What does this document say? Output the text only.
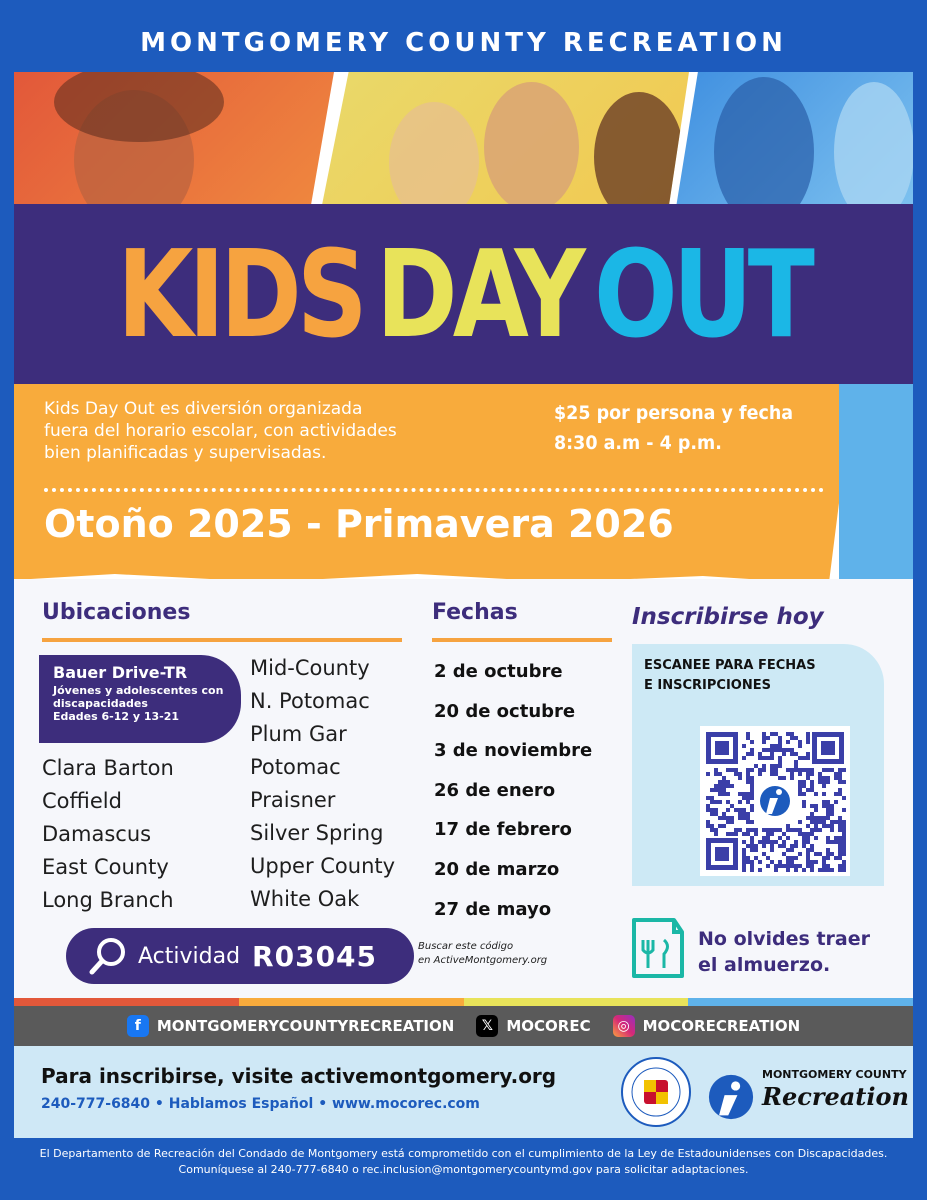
MONTGOMERY COUNTY RECREATION
KIDS DAY OUT
Kids Day Out es diversión organizada
fuera del horario escolar, con actividades
bien planificadas y supervisadas.
$25 por persona y fecha
8:30 a.m - 4 p.m.
Otoño 2025 - Primavera 2026
Ubicaciones	Fechas
Bauer Drive-TR
Jóvenes y adolescentes con
discapacidades
Edades 6-12 y 13-21
Clara Barton
Coffield
Damascus
East County
Long Branch
Mid-County
N. Potomac
Plum Gar
Potomac
Praisner
Silver Spring
Upper County
White Oak
2 de octubre
20 de octubre
3 de noviembre
26 de enero
17 de febrero
20 de marzo
27 de mayo
Inscribirse hoy
ESCANEE PARA FECHAS
E INSCRIPCIONES
No olvides traer
el almuerzo.
Actividad R03045	Buscar este código
en ActiveMontgomery.org
f	MONTGOMERYCOUNTYRECREATION	𝕏 MOCOREC	◎ MOCORECREATION
Para inscribirse, visite activemontgomery.org
240-777-6840 • Hablamos Español • www.mocorec.com
MONTGOMERY COUNTY
Recreation
El Departamento de Recreación del Condado de Montgomery está comprometido con el cumplimiento de la Ley de Estadounidenses con Discapacidades.
Comuníquese al 240-777-6840 o rec.inclusion@montgomerycountymd.gov para solicitar adaptaciones.
